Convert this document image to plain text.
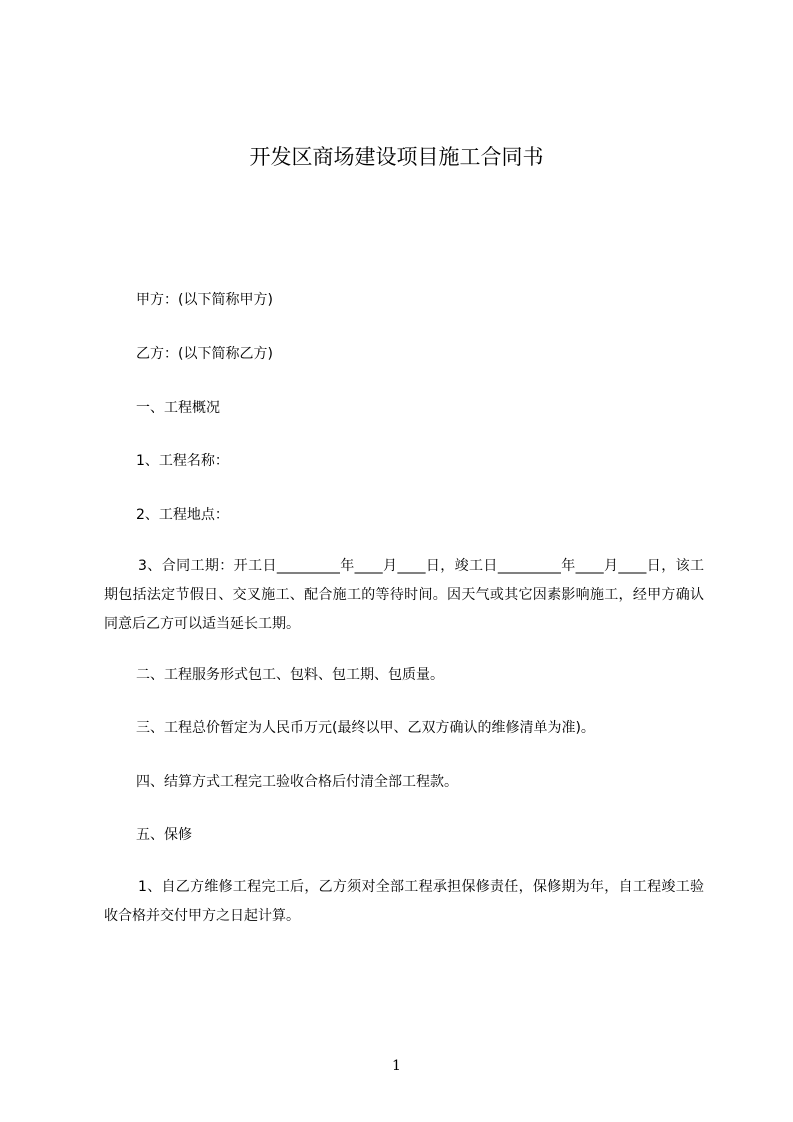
开发区商场建设项目施工合同书
甲方：(以下简称甲方)
乙方：(以下简称乙方)
一、工程概况
1、工程名称：
2、工程地点：
3、合同工期：开工日_________年____月____日，竣工日_________年____月____日，该工期包括法定节假日、交叉施工、配合施工的等待时间。因天气或其它因素影响施工，经甲方确认同意后乙方可以适当延长工期。
二、工程服务形式包工、包料、包工期、包质量。
三、工程总价暂定为人民币万元(最终以甲、乙双方确认的维修清单为准)。
四、结算方式工程完工验收合格后付清全部工程款。
五、保修
1、自乙方维修工程完工后，乙方须对全部工程承担保修责任，保修期为年，自工程竣工验收合格并交付甲方之日起计算。
1
